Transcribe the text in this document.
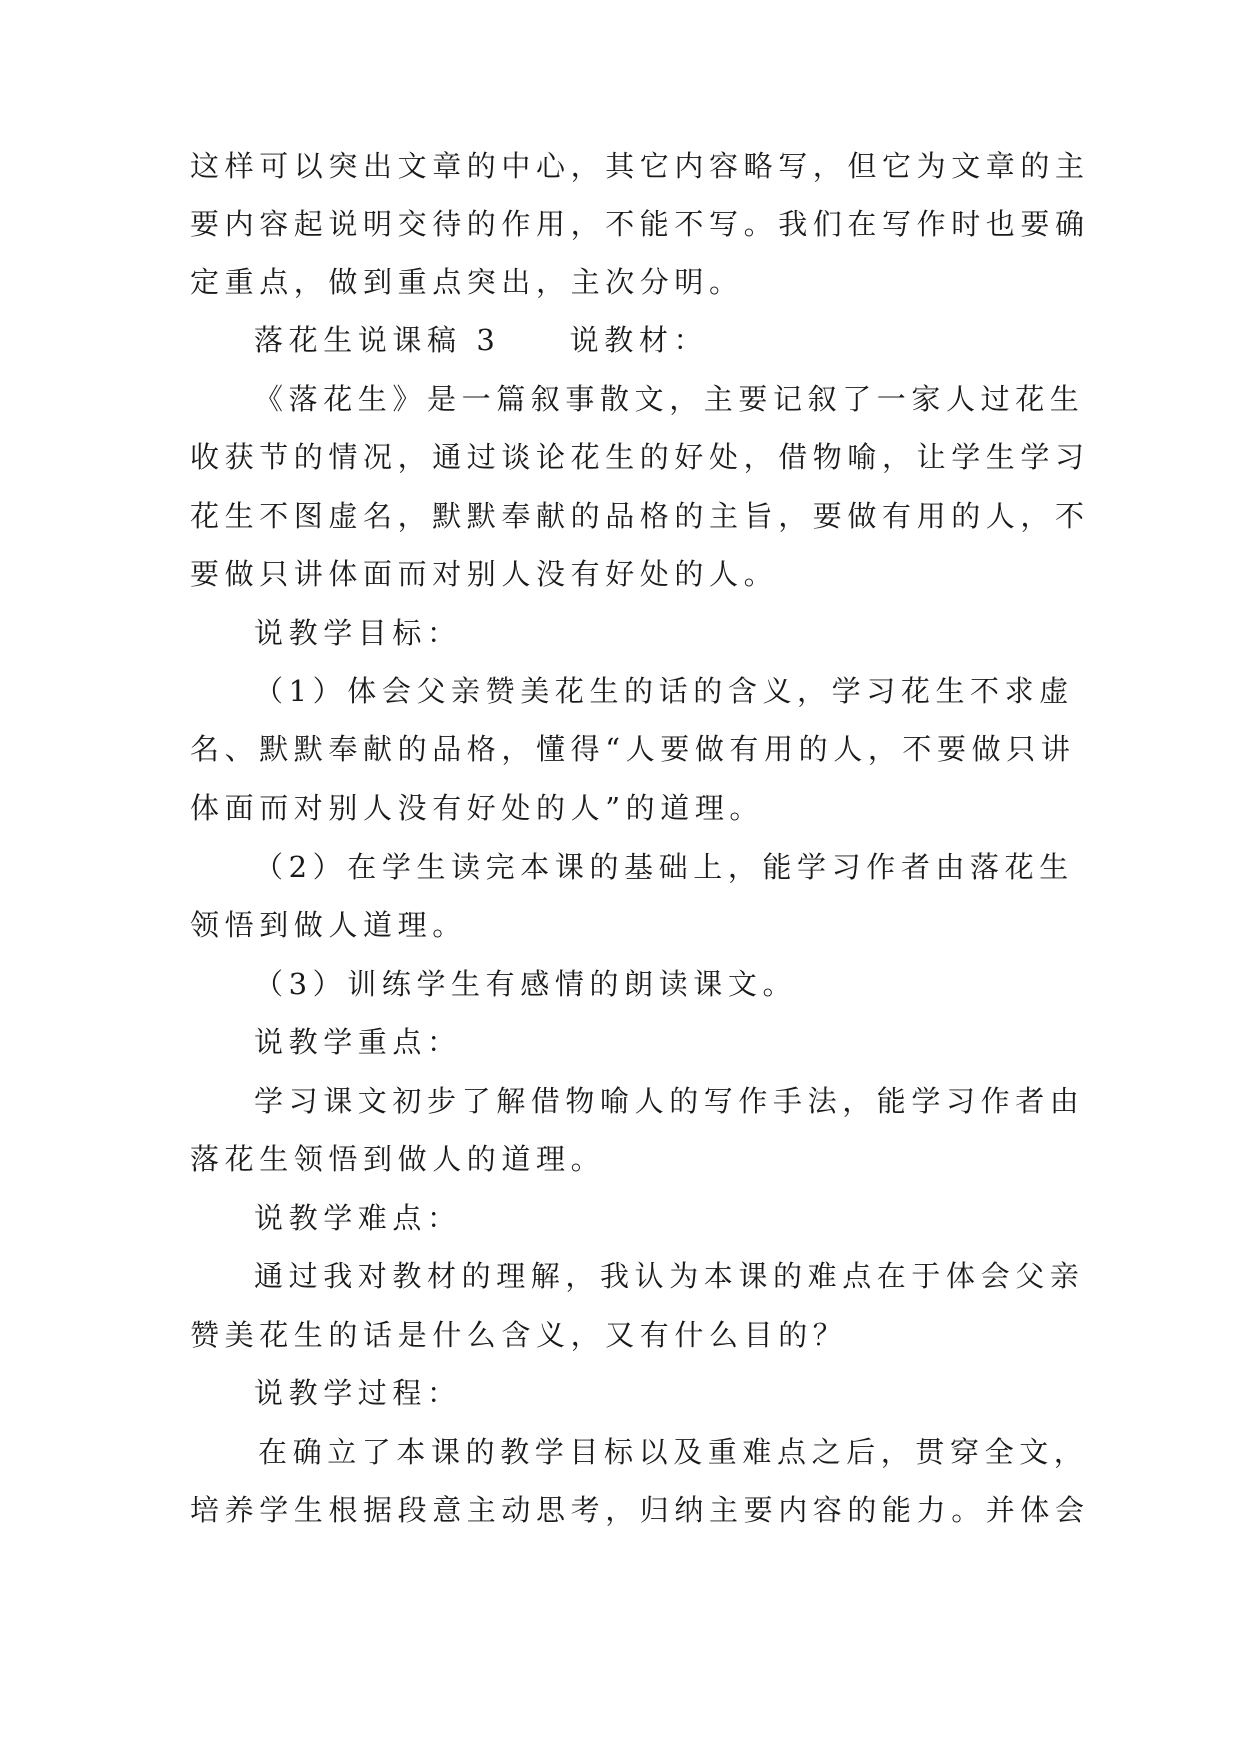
这样可以突出文章的中心，其它内容略写，但它为文章的主
要内容起说明交待的作用，不能不写。我们在写作时也要确
定重点，做到重点突出，主次分明。
落花生说课稿 3　　说教材：
《落花生》是一篇叙事散文，主要记叙了一家人过花生
收获节的情况，通过谈论花生的好处，借物喻，让学生学习
花生不图虚名，默默奉献的品格的主旨，要做有用的人，不
要做只讲体面而对别人没有好处的人。
说教学目标：
（1）体会父亲赞美花生的话的含义，学习花生不求虚
名、默默奉献的品格，懂得“人要做有用的人，不要做只讲
体面而对别人没有好处的人”的道理。
（2）在学生读完本课的基础上，能学习作者由落花生
领悟到做人道理。
（3）训练学生有感情的朗读课文。
说教学重点：
学习课文初步了解借物喻人的写作手法，能学习作者由
落花生领悟到做人的道理。
说教学难点：
通过我对教材的理解，我认为本课的难点在于体会父亲
赞美花生的话是什么含义，又有什么目的？
说教学过程：
在确立了本课的教学目标以及重难点之后，贯穿全文，
培养学生根据段意主动思考，归纳主要内容的能力。并体会
